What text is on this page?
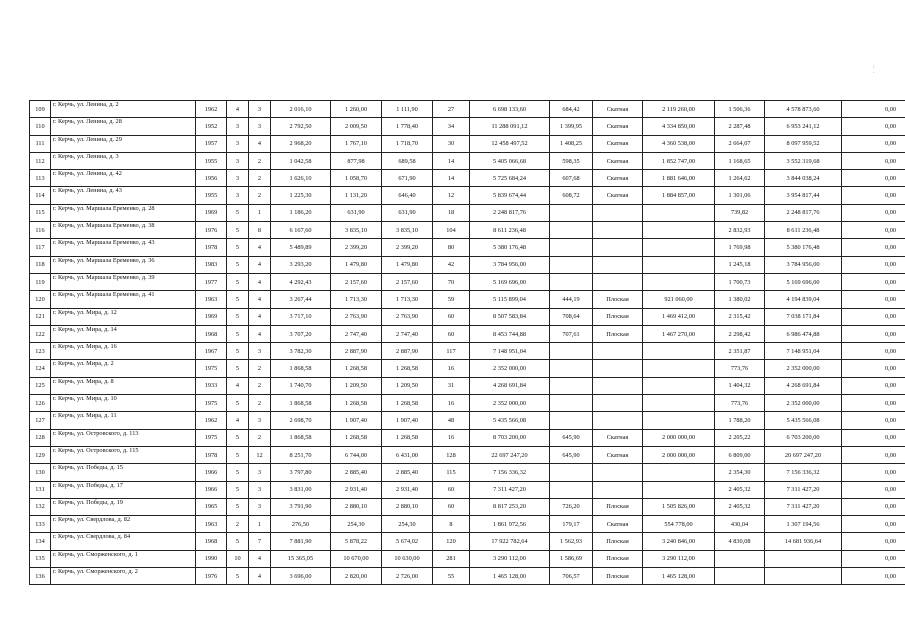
:
·
109	г. Керчь, ул. Ленина, д. 2	1962	4	3	2 016,10	1 260,00	1 111,90	27	6 698 133,60	684,42	Скатная	2 119 260,00	1 506,36	4 578 873,60	0,00
110	г. Керчь, ул. Ленина, д. 28	1952	3	3	2 792,50	2 009,50	1 778,40	34	11 288 091,12	1 399,95	Скатная	4 334 850,00	2 287,48	6 953 241,12	0,00
111	г. Керчь, ул. Ленина, д. 29	1957	3	4	2 968,20	1 767,10	1 718,70	30	12 458 497,52	1 408,25	Скатная	4 360 538,00	2 664,07	8 097 959,52	0,00
112	г. Керчь, ул. Ленина, д. 3	1955	3	2	1 042,58	877,98	689,58	14	5 405 066,68	598,35	Скатная	1 852 747,00	1 168,65	3 552 319,68	0,00
113	г. Керчь, ул. Ленина, д. 42	1956	3	2	1 626,10	1 058,70	671,90	14	5 725 684,24	607,68	Скатная	1 881 646,00	1 264,62	3 844 038,24	0,00
114	г. Керчь, ул. Ленина, д. 43	1955	3	2	1 225,30	1 131,20	646,40	12	5 839 674,44	608,72	Скатная	1 884 857,00	1 301,06	3 954 817,44	0,00
115	г. Керчь, ул. Маршала Еременко, д. 28	1969	5	1	1 186,20	631,90	631,90	18	2 248 817,76				739,82	2 248 817,76	0,00
116	г. Керчь, ул. Маршала Еременко, д. 38	1976	5	8	6 167,60	3 835,10	3 835,10	104	8 611 236,48				2 832,93	8 611 236,48	0,00
117	г. Керчь, ул. Маршала Еременко, д. 43	1978	5	4	5 489,89	2 399,20	2 399,20	80	5 380 176,48				1 769,98	5 380 176,48	0,00
118	г. Керчь, ул. Маршала Еременко, д. 36	1983	5	4	3 293,20	1 479,80	1 479,80	42	3 784 956,00				1 245,18	3 784 956,00	0,00
119	г. Керчь, ул. Маршала Еременко, д. 39	1977	5	4	4 292,43	2 157,60	2 157,60	70	5 169 696,00				1 700,73	5 169 696,00	0,00
120	г. Керчь, ул. Маршала Еременко, д. 41	1963	5	4	3 267,44	1 713,30	1 713,30	59	5 115 899,04	444,19	Плоская	921 060,00	1 380,02	4 194 839,04	0,00
121	г. Керчь, ул. Мира, д. 12	1969	5	4	3 717,10	2 763,90	2 763,90	60	8 507 583,84	708,64	Плоская	1 469 412,00	2 315,42	7 038 171,84	0,00
122	г. Керчь, ул. Мира, д. 14	1968	5	4	3 707,20	2 747,40	2 747,40	60	8 453 744,88	707,61	Плоская	1 467 270,00	2 298,42	6 986 474,88	0,00
123	г. Керчь, ул. Мира, д. 16	1967	5	3	3 782,30	2 887,90	2 887,90	117	7 148 951,04				2 351,87	7 148 951,04	0,00
124	г. Керчь, ул. Мира, д. 2	1975	5	2	1 868,58	1 268,58	1 268,58	16	2 352 000,00				773,76	2 352 000,00	0,00
125	г. Керчь, ул. Мира, д. 8	1933	4	2	1 740,70	1 209,50	1 209,50	31	4 268 691,84				1 404,32	4 268 691,84	0,00
126	г. Керчь, ул. Мира, д. 10	1975	5	2	1 868,58	1 268,58	1 268,58	16	2 352 000,00				773,76	2 352 000,00	0,00
127	г. Керчь, ул. Мира, д. 11	1962	4	3	2 698,70	1 907,40	1 907,40	48	5 435 566,08				1 788,20	5 435 566,08	0,00
128	г. Керчь, ул. Островского, д. 113	1975	5	2	1 868,58	1 268,58	1 268,58	16	8 703 200,00	645,90	Скатная	2 000 000,00	2 205,22	6 703 200,00	0,00
129	г. Керчь, ул. Островского, д. 115	1978	5	12	8 251,70	6 744,00	6 431,00	128	22 697 247,20	645,90	Скатная	2 000 000,00	6 809,00	20 697 247,20	0,00
130	г. Керчь, ул. Победы, д. 15	1966	5	3	3 797,80	2 885,40	2 885,40	115	7 156 336,32				2 354,30	7 156 336,32	0,00
131	г. Керчь, ул. Победы, д. 17	1966	5	3	3 831,00	2 931,40	2 931,40	60	7 311 427,20				2 405,32	7 311 427,20	0,00
132	г. Керчь, ул. Победы, д. 19	1965	5	3	3 791,90	2 880,10	2 880,10	60	8 817 253,20	726,20	Плоская	1 505 826,00	2 405,32	7 311 427,20	0,00
133	г. Керчь, ул. Свердлова, д. 82	1963	2	1	276,50	254,30	254,30	8	1 861 972,56	179,17	Скатная	554 778,00	430,04	1 307 194,56	0,00
134	г. Керчь, ул. Свердлова, д. 84	1968	5	7	7 881,90	5 878,22	5 674,02	120	17 922 782,64	1 562,93	Плоская	3 240 846,00	4 830,08	14 681 936,64	0,00
135	г. Керчь, ул. Сморженского, д. 1	1990	10	4	15 365,05	10 670,00	10 630,00	281	3 290 112,00	1 586,69	Плоская	3 290 112,00			0,00
136	г. Керчь, ул. Сморженского, д. 2	1976	5	4	3 696,00	2 820,00	2 726,00	55	1 465 128,00	706,57	Плоская	1 465 128,00			0,00
